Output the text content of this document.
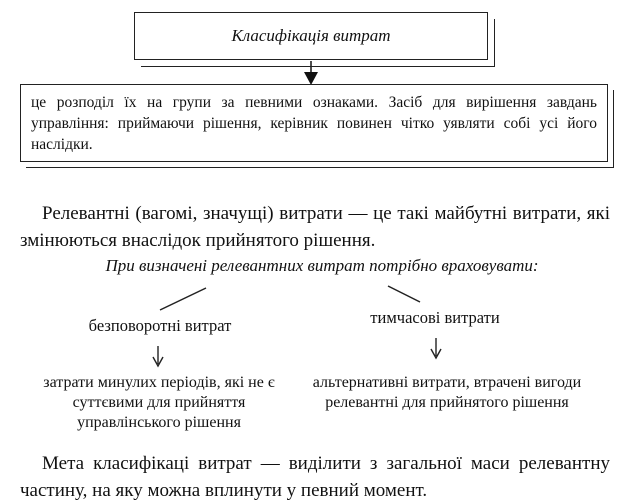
Класифікація витрат
це розподіл їх на групи за певними ознаками. Засіб для вирішення завдань управління: приймаючи рішення, керівник повинен чітко уявляти собі усі його наслідки.
Релевантні (вагомі, значущі) витрати — це такі майбутні витрати, які змінюються внаслідок прийнятого рішення.
При визначені релевантних витрат потрібно враховувати:
безповоротні витрат	тимчасові витрати
затрати минулих періодів, які не є суттєвими для прийняття управлінського рішення
альтернативні витрати, втрачені вигоди релевантні для прийнятого рішення
Мета класифікаці витрат — виділити з загальної маси релевантну частину, на яку можна вплинути у певний момент.
